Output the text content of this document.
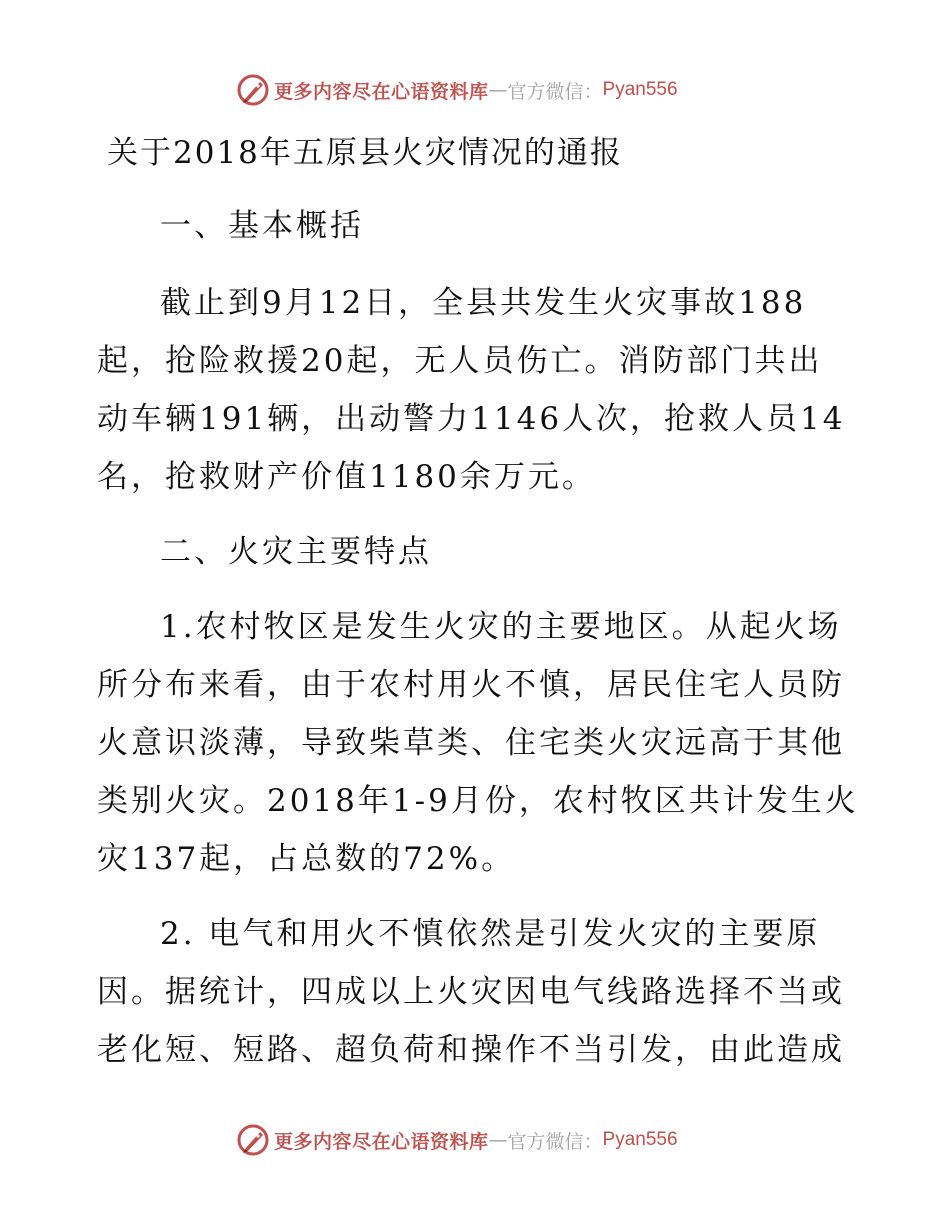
更多内容尽在心语资料库 — 官方微信： Pyan556
关于2018年五原县火灾情况的通报
一、基本概括
截止到9月12日，全县共发生火灾事故188
起，抢险救援20起，无人员伤亡。消防部门共出
动车辆191辆，出动警力1146人次，抢救人员14
名，抢救财产价值1180余万元。
二、火灾主要特点
1.农村牧区是发生火灾的主要地区。从起火场
所分布来看，由于农村用火不慎，居民住宅人员防
火意识淡薄，导致柴草类、住宅类火灾远高于其他
类别火灾。2018年1-9月份，农村牧区共计发生火
灾137起，占总数的72%。
2. 电气和用火不慎依然是引发火灾的主要原
因。据统计，四成以上火灾因电气线路选择不当或
老化短、短路、超负荷和操作不当引发，由此造成
更多内容尽在心语资料库 — 官方微信： Pyan556
